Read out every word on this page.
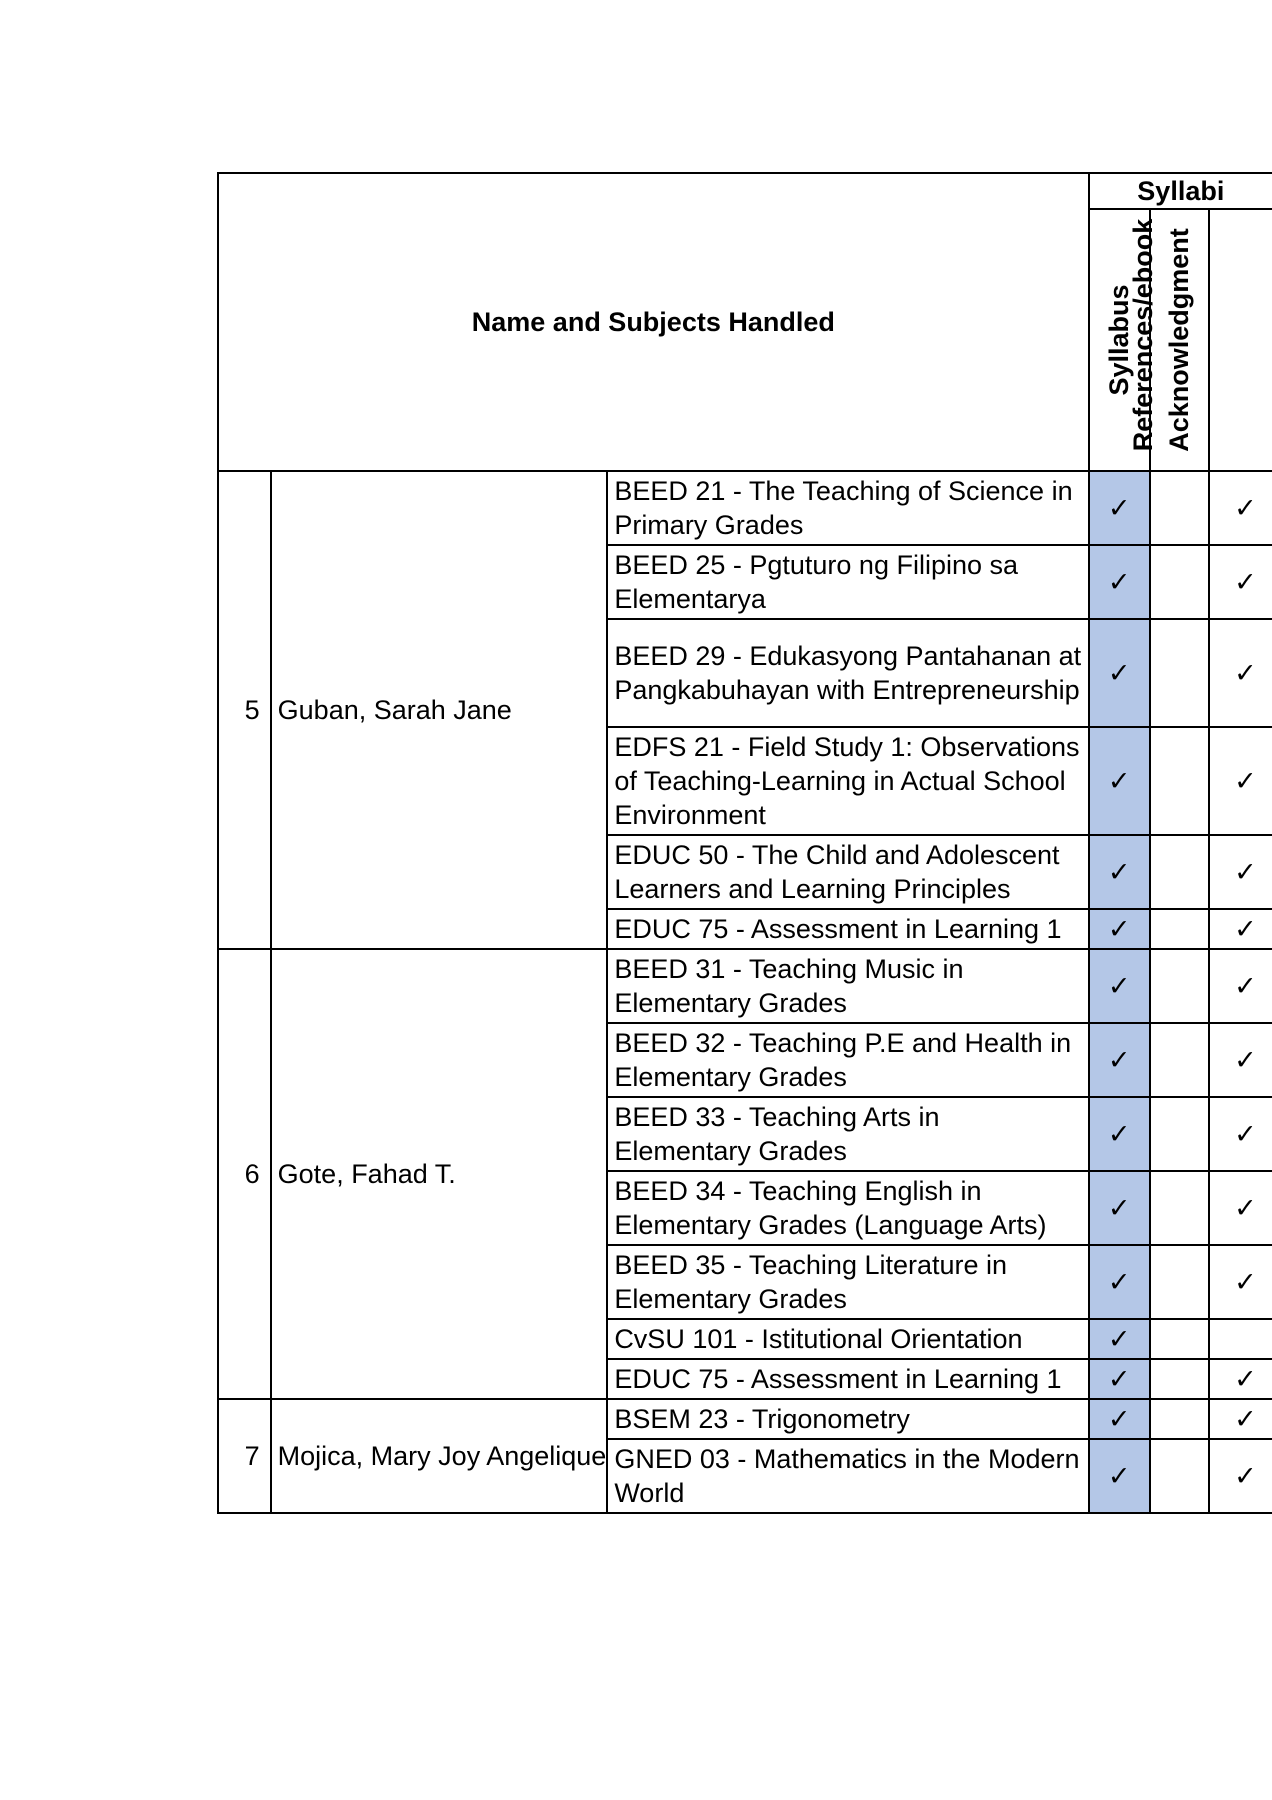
Name and Subjects Handled			Syllabi		

			Syllabus	Acknowledgment	References/ebook

5	Guban, Sarah Jane	BEED 21 - The Teaching of Science in Primary Grades	✓		✓
		BEED 25 - Pgtuturo ng Filipino sa Elementarya	✓		✓
		BEED 29 - Edukasyong Pantahanan at Pangkabuhayan with Entrepreneurship	✓		✓
		EDFS 21 - Field Study 1: Observations of Teaching-Learning in Actual School Environment	✓		✓
		EDUC 50 - The Child and Adolescent Learners and Learning Principles	✓		✓
		EDUC 75 - Assessment in Learning 1	✓		✓
6	Gote, Fahad T.	BEED 31 - Teaching Music in Elementary Grades	✓		✓
		BEED 32 - Teaching P.E and Health in Elementary Grades	✓		✓
		BEED 33 - Teaching Arts in Elementary Grades	✓		✓
		BEED 34 - Teaching English in Elementary Grades (Language Arts)	✓		✓
		BEED 35 - Teaching Literature in Elementary Grades	✓		✓
		CvSU 101 - Istitutional Orientation	✓		
		EDUC 75 - Assessment in Learning 1	✓		✓
7	Mojica, Mary Joy Angelique	BSEM 23 - Trigonometry	✓		✓
		GNED 03 - Mathematics in the Modern World	✓		✓
